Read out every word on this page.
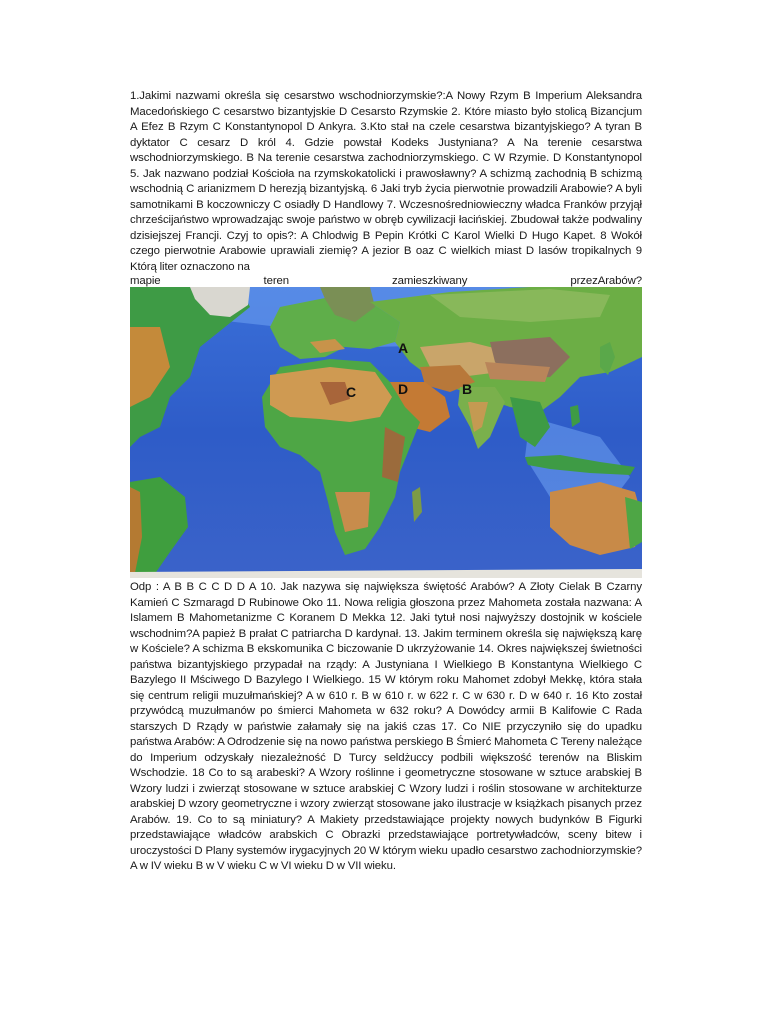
1.Jakimi nazwami określa się cesarstwo wschodniorzymskie?:A Nowy Rzym B Imperium Aleksandra Macedońskiego C cesarstwo bizantyjskie D Cesarsto Rzymskie 2. Które miasto było stolicą Bizancjum A Efez B Rzym C Konstantynopol D Ankyra. 3.Kto stał na czele cesarstwa bizantyjskiego? A tyran B dyktator C cesarz D król 4. Gdzie powstał Kodeks Justyniana? A Na terenie cesarstwa wschodniorzymskiego. B Na terenie cesarstwa zachodniorzymskiego. C W Rzymie. D Konstantynopol 5. Jak nazwano podział Kościoła na rzymskokatolicki i prawosławny? A schizmą zachodnią B schizmą wschodnią C arianizmem D herezją bizantyjską. 6 Jaki tryb życia pierwotnie prowadzili Arabowie? A byli samotnikami B koczowniczy C osiadły D Handlowy 7. Wczesnośredniowieczny władca Franków przyjął chrześcijaństwo wprowadzając swoje państwo w obręb cywilizacji łacińskiej. Zbudował także podwaliny dzisiejszej Francji. Czyj to opis?: A Chlodwig B Pepin Krótki C Karol Wielki D Hugo Kapet. 8 Wokół czego pierwotnie Arabowie uprawiali ziemię? A jezior B oaz C wielkich miast D lasów tropikalnych 9 Którą liter oznaczono na
mapie	teren	zamieszkiwany	przezArabów?
A
C	D	B
Odp : A B B C C D D A 10. Jak nazywa się największa świętość Arabów? A Złoty Cielak B Czarny Kamień C Szmaragd D Rubinowe Oko 11. Nowa religia głoszona przez Mahometa została nazwana: A Islamem B Mahometanizme C Koranem D Mekka 12. Jaki tytuł nosi najwyższy dostojnik w kościele wschodnim?A papież B prałat C patriarcha D kardynał. 13. Jakim terminem określa się największą karę w Kościele? A schizma B ekskomunika C biczowanie D ukrzyżowanie 14. Okres największej świetności państwa bizantyjskiego przypadał na rządy: A Justyniana I Wielkiego B Konstantyna Wielkiego C Bazylego II Mściwego D Bazylego I Wielkiego. 15 W którym roku Mahomet zdobył Mekkę, która stała się centrum religii muzułmańskiej? A w 610 r. B w 610 r. w 622 r. C w 630 r. D w 640 r. 16 Kto został przywódcą muzułmanów po śmierci Mahometa w 632 roku? A Dowódcy armii B Kalifowie C Rada starszych D Rządy w państwie załamały się na jakiś czas 17. Co NIE przyczyniło się do upadku państwa Arabów: A Odrodzenie się na nowo państwa perskiego B Śmierć Mahometa C Tereny należące do Imperium odzyskały niezależność D Turcy seldżuccy podbili większość terenów na Bliskim Wschodzie. 18 Co to są arabeski? A Wzory roślinne i geometryczne stosowane w sztuce arabskiej B Wzory ludzi i zwierząt stosowane w sztuce arabskiej C Wzory ludzi i roślin stosowane w architekturze arabskiej D wzory geometryczne i wzory zwierząt stosowane jako ilustracje w książkach pisanych przez Arabów. 19. Co to są miniatury? A Makiety przedstawiające projekty nowych budynków B Figurki przedstawiające władców arabskich C Obrazki przedstawiające portretywładców, sceny bitew i uroczystości D Plany systemów irygacyjnych 20 W którym wieku upadło cesarstwo zachodniorzymskie? A w IV wieku B w V wieku C w VI wieku D w VII wieku.
